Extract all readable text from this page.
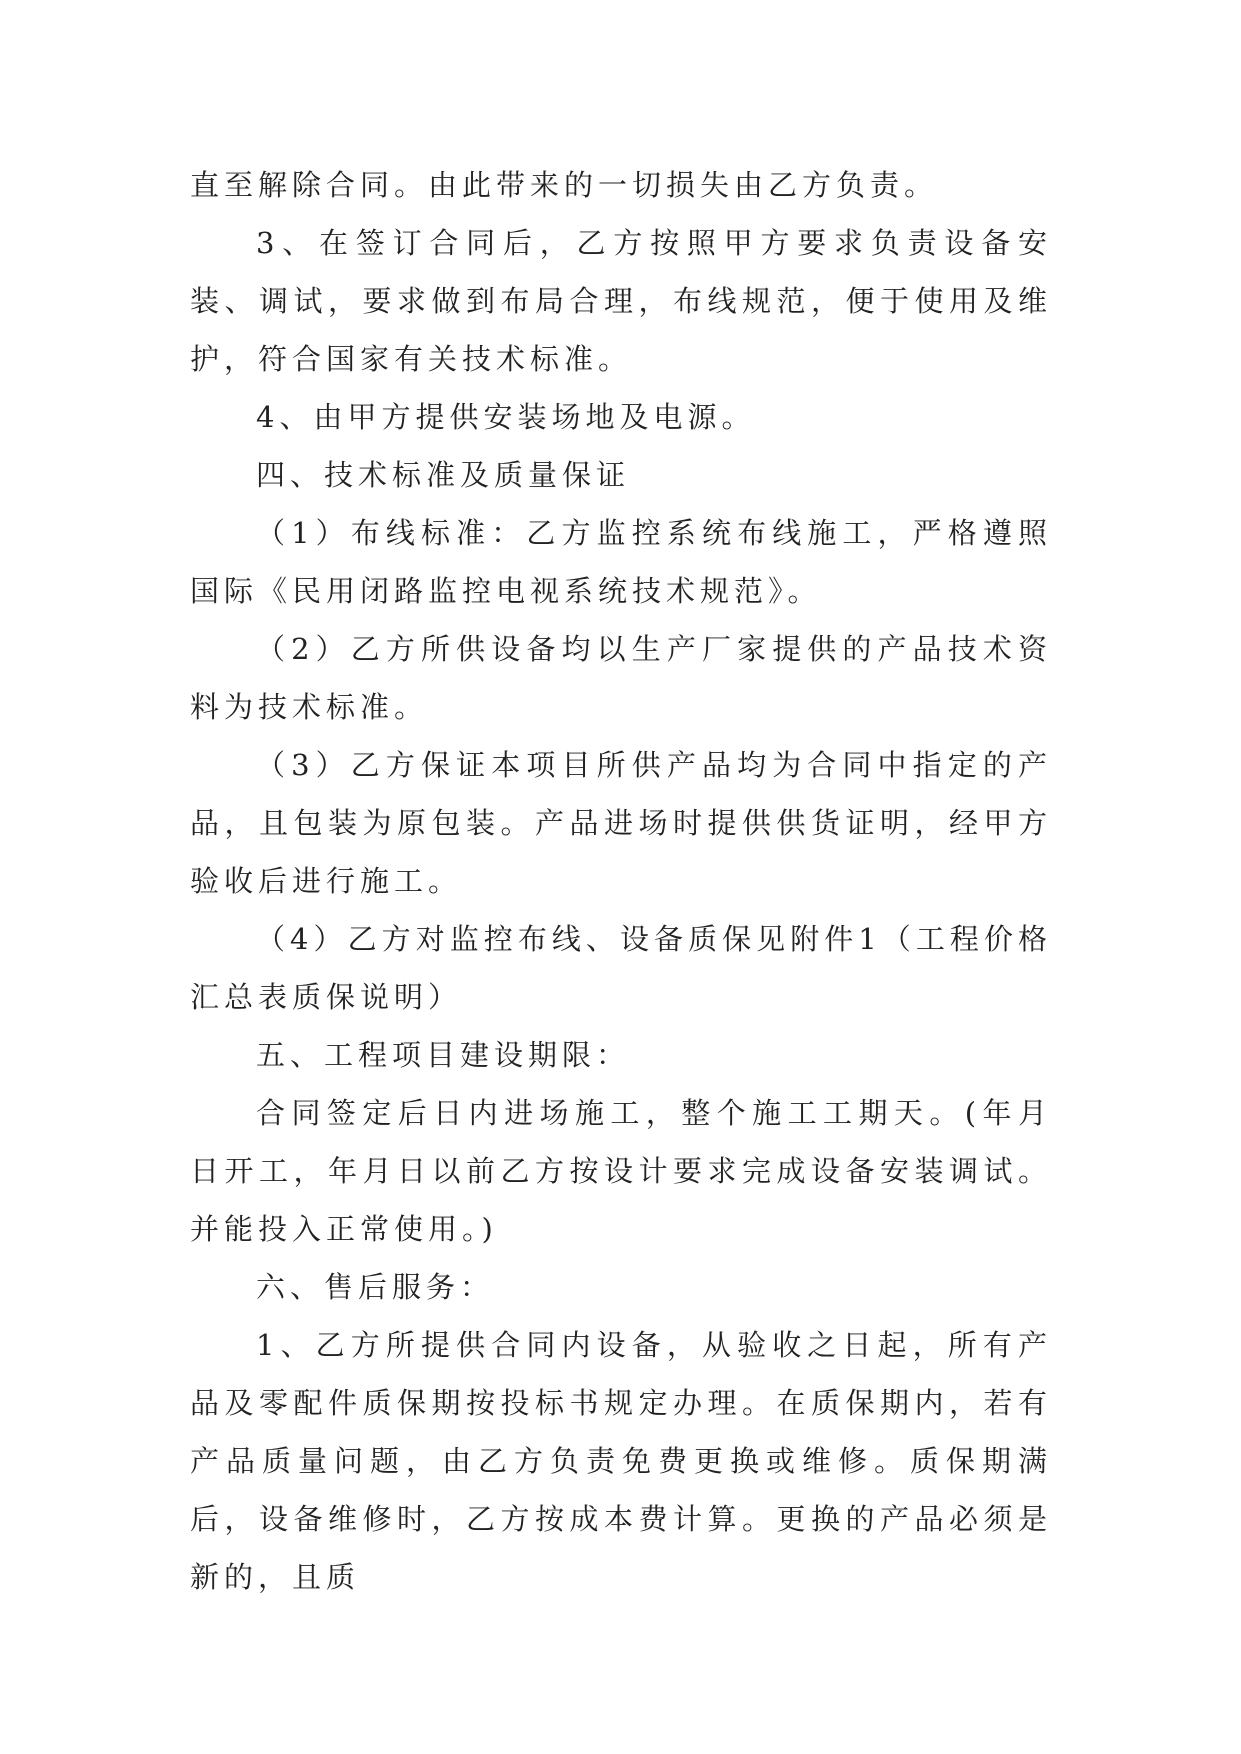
直至解除合同。由此带来的一切损失由乙方负责。

3、在签订合同后，乙方按照甲方要求负责设备安装、调试，要求做到布局合理，布线规范，便于使用及维护，符合国家有关技术标准。

4、由甲方提供安装场地及电源。

四、技术标准及质量保证

（1）布线标准：乙方监控系统布线施工，严格遵照国际《民用闭路监控电视系统技术规范》。

（2）乙方所供设备均以生产厂家提供的产品技术资料为技术标准。

（3）乙方保证本项目所供产品均为合同中指定的产品，且包装为原包装。产品进场时提供供货证明，经甲方验收后进行施工。

（4）乙方对监控布线、设备质保见附件1（工程价格汇总表质保说明）

五、工程项目建设期限：

合同签定后日内进场施工，整个施工工期天。(年月日开工，年月日以前乙方按设计要求完成设备安装调试。并能投入正常使用。)

六、售后服务：

1、乙方所提供合同内设备，从验收之日起，所有产品及零配件质保期按投标书规定办理。在质保期内，若有产品质量问题，由乙方负责免费更换或维修。质保期满后，设备维修时，乙方按成本费计算。更换的产品必须是新的，且质
